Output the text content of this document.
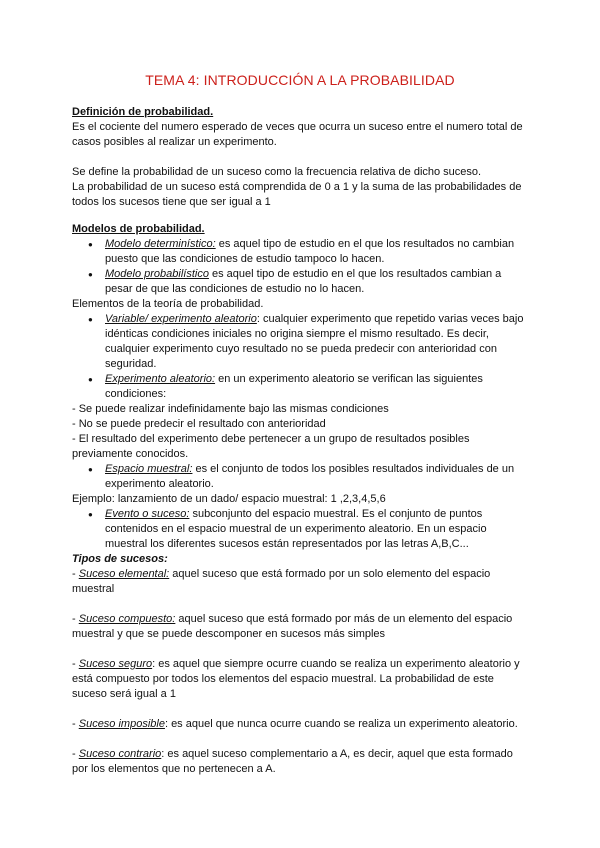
TEMA 4: INTRODUCCIÓN A LA PROBABILIDAD

Definición de probabilidad.

Es el cociente del numero esperado de veces que ocurra un suceso entre el numero total de casos posibles al realizar un experimento.

Se define la probabilidad de un suceso como la frecuencia relativa de dicho suceso.

La probabilidad de un suceso está comprendida de 0 a 1 y la suma de las probabilidades de todos los sucesos tiene que ser igual a 1

Modelos de probabilidad.

● Modelo determinístico: es aquel tipo de estudio en el que los resultados no cambian puesto que las condiciones de estudio tampoco lo hacen.
● Modelo probabilístico es aquel tipo de estudio en el que los resultados cambian a pesar de que las condiciones de estudio no lo hacen.

Elementos de la teoría de probabilidad.

● Variable/ experimento aleatorio: cualquier experimento que repetido varias veces bajo idénticas condiciones iniciales no origina siempre el mismo resultado. Es decir, cualquier experimento cuyo resultado no se pueda predecir con anterioridad con seguridad.
● Experimento aleatorio: en un experimento aleatorio se verifican las siguientes condiciones:

- Se puede realizar indefinidamente bajo las mismas condiciones

- No se puede predecir el resultado con anterioridad

- El resultado del experimento debe pertenecer a un grupo de resultados posibles previamente conocidos.

● Espacio muestral: es el conjunto de todos los posibles resultados individuales de un experimento aleatorio.

Ejemplo: lanzamiento de un dado/ espacio muestral: 1 ,2,3,4,5,6

● Evento o suceso: subconjunto del espacio muestral. Es el conjunto de puntos contenidos en el espacio muestral de un experimento aleatorio. En un espacio muestral los diferentes sucesos están representados por las letras A,B,C...

Tipos de sucesos:

- Suceso elemental: aquel suceso que está formado por un solo elemento del espacio muestral

- Suceso compuesto: aquel suceso que está formado por más de un elemento del espacio muestral y que se puede descomponer en sucesos más simples

- Suceso seguro: es aquel que siempre ocurre cuando se realiza un experimento aleatorio y está compuesto por todos los elementos del espacio muestral. La probabilidad de este suceso será igual a 1

- Suceso imposible: es aquel que nunca ocurre cuando se realiza un experimento aleatorio.

- Suceso contrario: es aquel suceso complementario a A, es decir, aquel que esta formado por los elementos que no pertenecen a A.
